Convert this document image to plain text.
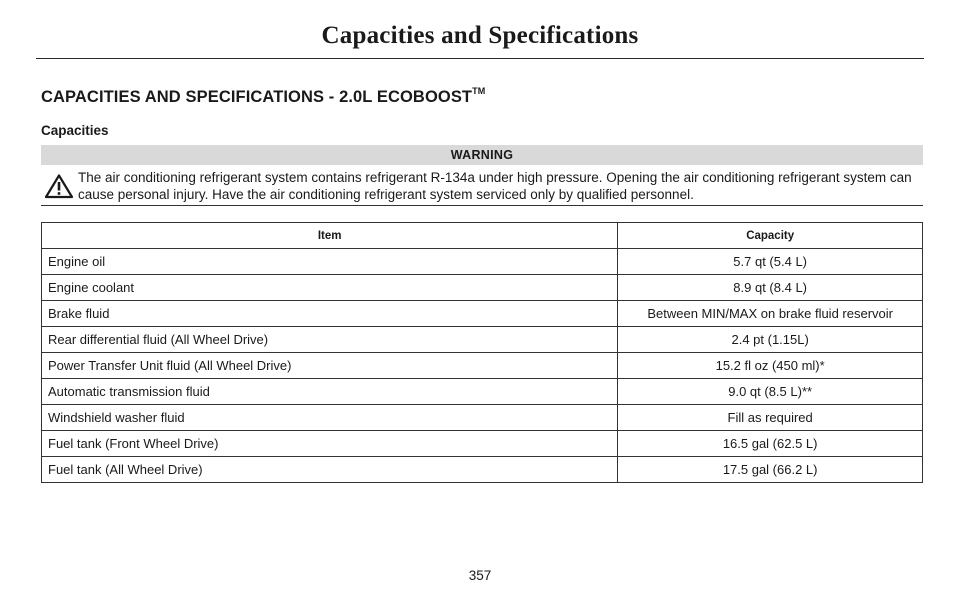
Capacities and Specifications
CAPACITIES AND SPECIFICATIONS - 2.0L ECOBOOST™
Capacities
WARNING
The air conditioning refrigerant system contains refrigerant R-134a under high pressure. Opening the air conditioning refrigerant system can cause personal injury. Have the air conditioning refrigerant system serviced only by qualified personnel.
Item	Capacity
Engine oil	5.7 qt (5.4 L)
Engine coolant	8.9 qt (8.4 L)
Brake fluid	Between MIN/MAX on brake fluid reservoir
Rear differential fluid (All Wheel Drive)	2.4 pt (1.15L)
Power Transfer Unit fluid (All Wheel Drive)	15.2 fl oz (450 ml)*
Automatic transmission fluid	9.0 qt (8.5 L)**
Windshield washer fluid	Fill as required
Fuel tank (Front Wheel Drive)	16.5 gal (62.5 L)
Fuel tank (All Wheel Drive)	17.5 gal (66.2 L)
357
